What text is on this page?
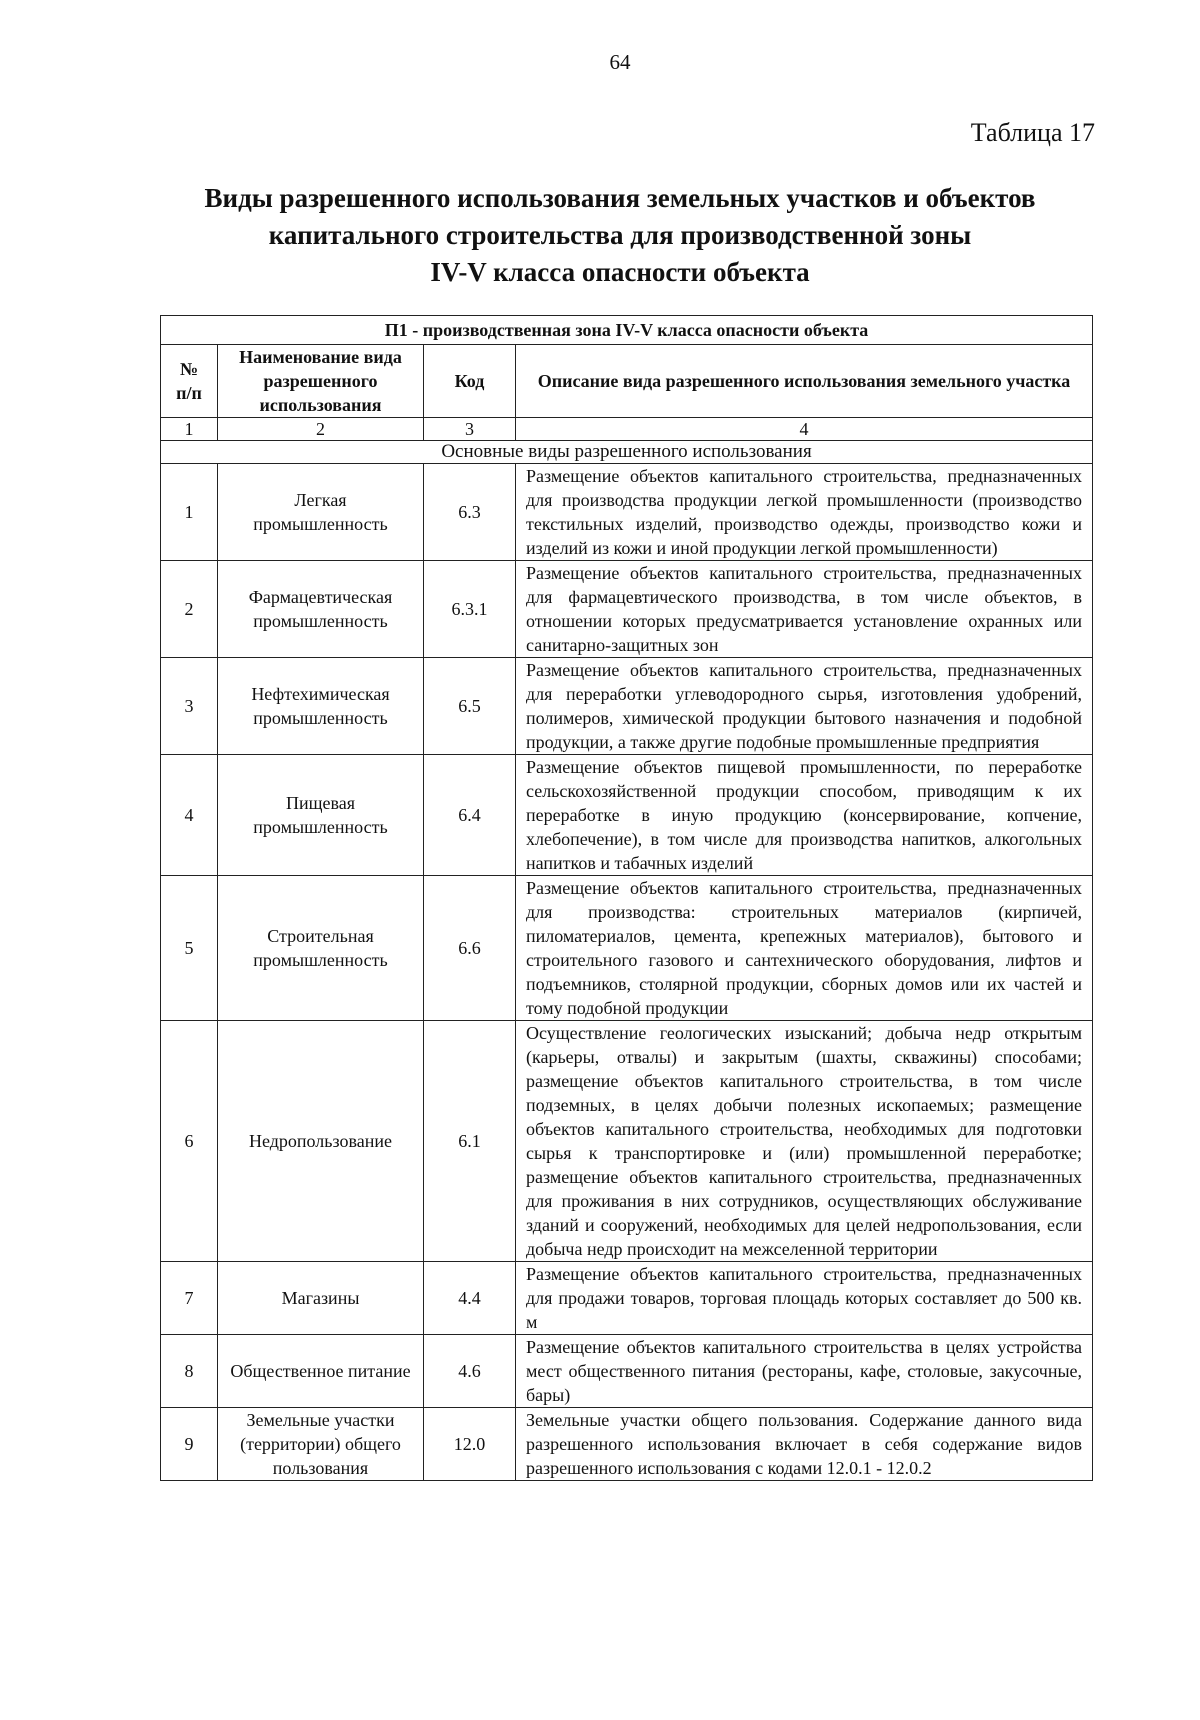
64
Таблица 17
Виды разрешенного использования земельных участков и объектов
капитального строительства для производственной зоны
IV-V класса опасности объекта
П1 - производственная зона IV-V класса опасности объекта			
№ п/п	Наименование вида разрешенного использования	Код	Описание вида разрешенного использования земельного участка
1	2	3	4
Основные виды разрешенного использования			
1	Легкая промышленность	6.3	Размещение объектов капитального строительства, предназначенных для производства продукции легкой промышленности (производство текстильных изделий, производство одежды, производство кожи и изделий из кожи и иной продукции легкой промышленности)
2	Фармацевтическая промышленность	6.3.1	Размещение объектов капитального строительства, предназначенных для фармацевтического производства, в том числе объектов, в отношении которых предусматривается установление охранных или санитарно-защитных зон
3	Нефтехимическая промышленность	6.5	Размещение объектов капитального строительства, предназначенных для переработки углеводородного сырья, изготовления удобрений, полимеров, химической продукции бытового назначения и подобной продукции, а также другие подобные промышленные предприятия
4	Пищевая промышленность	6.4	Размещение объектов пищевой промышленности, по переработке сельскохозяйственной продукции способом, приводящим к их переработке в иную продукцию (консервирование, копчение, хлебопечение), в том числе для производства напитков, алкогольных напитков и табачных изделий
5	Строительная промышленность	6.6	Размещение объектов капитального строительства, предназначенных для производства: строительных материалов (кирпичей, пиломатериалов, цемента, крепежных материалов), бытового и строительного газового и сантехнического оборудования, лифтов и подъемников, столярной продукции, сборных домов или их частей и тому подобной продукции
6	Недропользование	6.1	Осуществление геологических изысканий; добыча недр открытым (карьеры, отвалы) и закрытым (шахты, скважины) способами; размещение объектов капитального строительства, в том числе подземных, в целях добычи полезных ископаемых; размещение объектов капитального строительства, необходимых для подготовки сырья к транспортировке и (или) промышленной переработке; размещение объектов капитального строительства, предназначенных для проживания в них сотрудников, осуществляющих обслуживание зданий и сооружений, необходимых для целей недропользования, если добыча недр происходит на межселенной территории
7	Магазины	4.4	Размещение объектов капитального строительства, предназначенных для продажи товаров, торговая площадь которых составляет до 500 кв. м
8	Общественное питание	4.6	Размещение объектов капитального строительства в целях устройства мест общественного питания (рестораны, кафе, столовые, закусочные, бары)
9	Земельные участки (территории) общего пользования	12.0	Земельные участки общего пользования. Содержание данного вида разрешенного использования включает в себя содержание видов разрешенного использования с кодами 12.0.1 - 12.0.2
